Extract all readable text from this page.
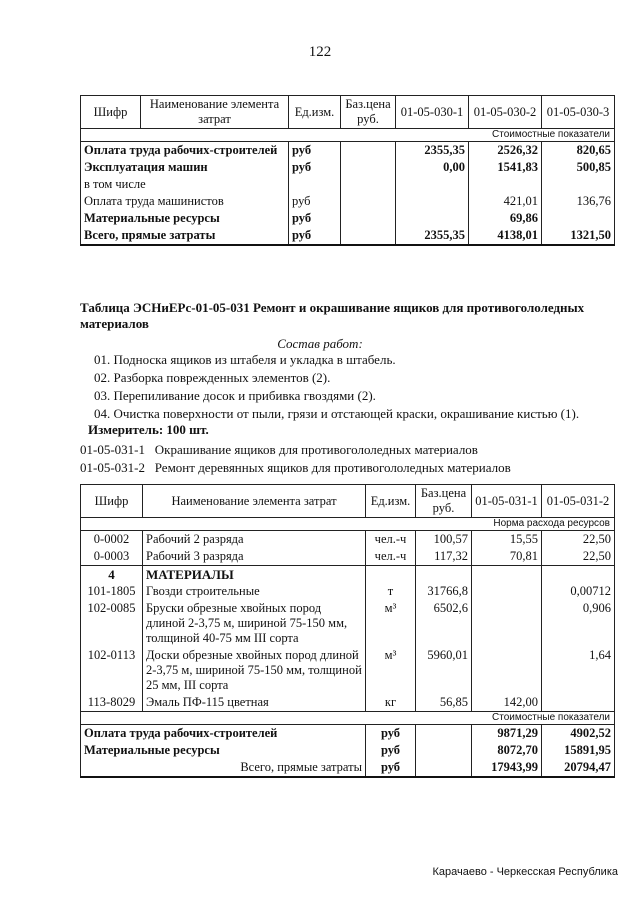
122
Шифр	Наименование элемента затрат	Ед.изм.	Баз.цена руб.	01-05-030-1	01-05-030-2	01-05-030-3
Стоимостные показатели						
Оплата труда рабочих-строителей		руб		2355,35	2526,32	820,65
Эксплуатация машин		руб		0,00	1541,83	500,85
в том числе						
Оплата труда машинистов		руб			421,01	136,76
Материальные ресурсы		руб			69,86	
Всего, прямые затраты		руб		2355,35	4138,01	1321,50
Таблица ЭСНиЕРс-01-05-031 Ремонт и окрашивание ящиков для противогололедных материалов
Состав работ:
01. Подноска ящиков из штабеля и укладка в штабель.
02. Разборка поврежденных элементов (2).
03. Перепиливание досок и прибивка гвоздями (2).
04. Очистка поверхности от пыли, грязи и отстающей краски, окрашивание кистью (1).
Измеритель: 100 шт.
01-05-031-1 Окрашивание ящиков для противогололедных материалов
01-05-031-2 Ремонт деревянных ящиков для противогололедных материалов
Шифр	Наименование элемента затрат	Ед.изм.	Баз.цена руб.	01-05-031-1	01-05-031-2
Норма расхода ресурсов					
0-0002	Рабочий 2 разряда	чел.-ч	100,57	15,55	22,50
0-0003	Рабочий 3 разряда	чел.-ч	117,32	70,81	22,50
4	МАТЕРИАЛЫ				
101-1805	Гвозди строительные	т	31766,8		0,00712
102-0085	Бруски обрезные хвойных пород длиной 2-3,75 м, шириной 75-150 мм, толщиной 40-75 мм III сорта	м³	6502,6		0,906
102-0113	Доски обрезные хвойных пород длиной 2-3,75 м, шириной 75-150 мм, толщиной 25 мм, III сорта	м³	5960,01		1,64
113-8029	Эмаль ПФ-115 цветная	кг	56,85	142,00	
Стоимостные показатели					
Оплата труда рабочих-строителей		руб		9871,29	4902,52
Материальные ресурсы		руб		8072,70	15891,95
Всего, прямые затраты		руб		17943,99	20794,47
Карачаево - Черкесская Республика
